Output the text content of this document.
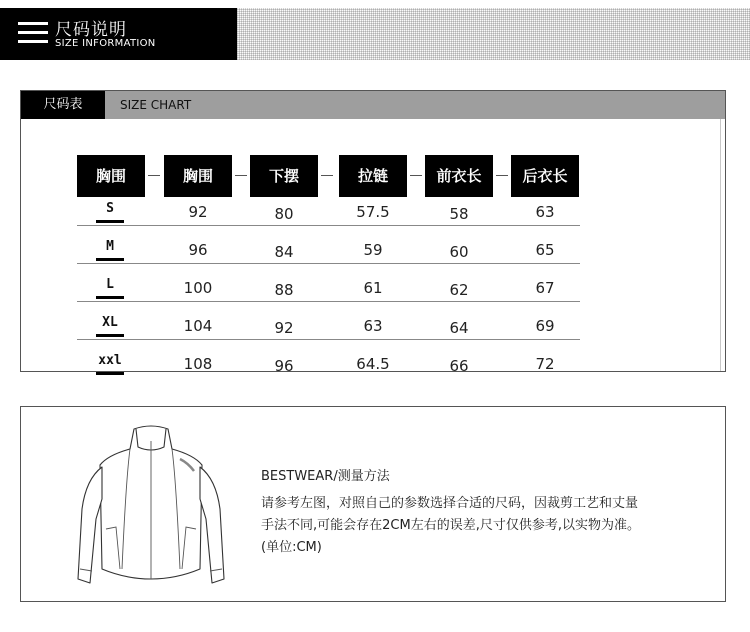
尺码说明
SIZE INFORMATION
尺码表	SIZE CHART
胸围	胸围	下摆	拉链	前衣长	后衣长
S	92	80	57.5	58	63
M	96	84	59	60	65
L	100	88	61	62	67
XL	104	92	63	64	69
xxl	108	96	64.5	66	72
BESTWEAR/测量方法
请参考左图，对照自己的参数选择合适的尺码，因裁剪工艺和丈量
手法不同,可能会存在2CM左右的误差,尺寸仅供参考,以实物为准。
(单位:CM)
